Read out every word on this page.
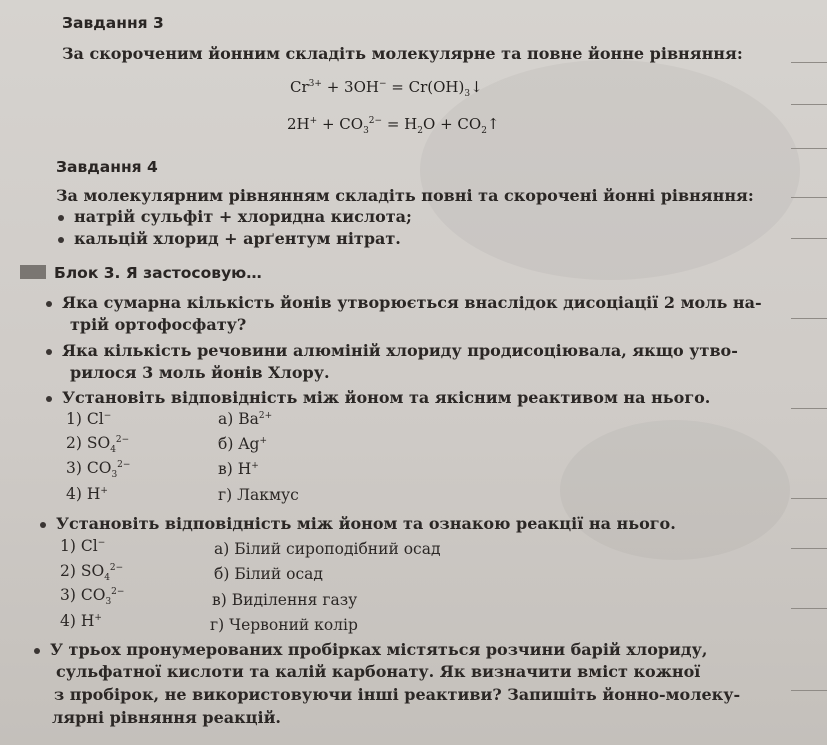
Завдання 3
За скороченим йонним складіть молекулярне та повне йонне рівняння:
$Cr^{3+} + 3OH^-$ = $Cr(OH)_3↓$
$2H^+ + CO_3^{2-} = H_2O$ + $CO_2↑$
Завдання 4
За молекулярним рівнянням складіть повні та скорочені йонні рівняння:
натрій сульфіт + хлоридна кислота;
кальцій хлорид + арґентум нітрат.
Блок 3. Я застосовую…
Яка сумарна кількість йонів утворюється внаслідок дисоціації 2 моль на-
трій ортофосфату?
Яка кількість речовини алюміній хлориду продисоціювала, якщо утво-
рилося 3 моль йонів Хлору.
Установіть відповідність між йоном та якісним реактивом на нього.
1) Cl−
2) $SO_4^{2-}$
3) $CO_3^{2-}$
4) H+
а) $Ba^{2+}$
б) Ag+
в) H+
г) Лакмус
Установіть відповідність між йоном та ознакою реакції на нього.
1) Cl−
2) $SO_4^{2-}$
3) $CO_3^{2-}$
4) H+
а) Білий сироподібний осад
б) Білий осад
в) Виділення газу
г) Червоний колір
У трьох пронумерованих пробірках містяться розчини барій хлориду,
сульфатної кислоти та калій карбонату. Як визначити вміст кожної
з пробірок, не використовуючи інші реактиви? Запишіть йонно-молеку-
лярні рівняння реакцій.
